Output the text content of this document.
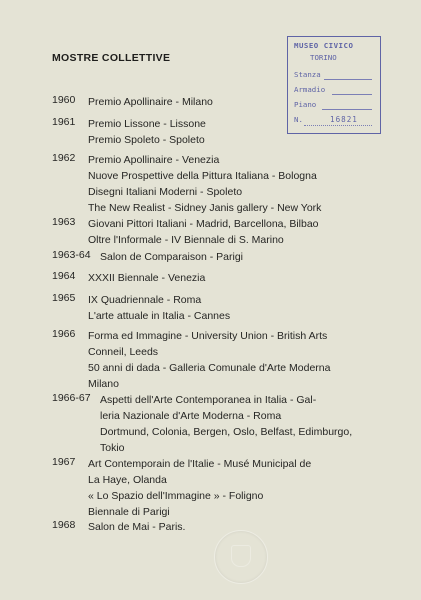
MOSTRE COLLETTIVE
MUSEO CIVICO
TORINO
Stanza
Armadio
Piano
N.	16821
1960 Premio Apollinaire - Milano
1961 Premio Lissone - Lissone
Premio Spoleto - Spoleto
1962 Premio Apollinaire - Venezia
Nuove Prospettive della Pittura Italiana - Bologna
Disegni Italiani Moderni - Spoleto
The New Realist - Sidney Janis gallery - New York
1963 Giovani Pittori Italiani - Madrid, Barcellona, Bilbao
Oltre l'Informale - IV Biennale di S. Marino
1963-64 Salon de Comparaison - Parigi
1964 XXXII Biennale - Venezia
1965 IX Quadriennale - Roma
L'arte attuale in Italia - Cannes
1966 Forma ed Immagine - University Union - British Arts
Conneil, Leeds
50 anni di dada - Galleria Comunale d'Arte Moderna
Milano
1966-67 Aspetti dell'Arte Contemporanea in Italia - Gal-
leria Nazionale d'Arte Moderna - Roma
Dortmund, Colonia, Bergen, Oslo, Belfast, Edimburgo,
Tokio
1967 Art Contemporain de l'Italie - Musé Municipal de
La Haye, Olanda
« Lo Spazio dell'Immagine » - Foligno
Biennale di Parigi
1968 Salon de Mai - Paris.
